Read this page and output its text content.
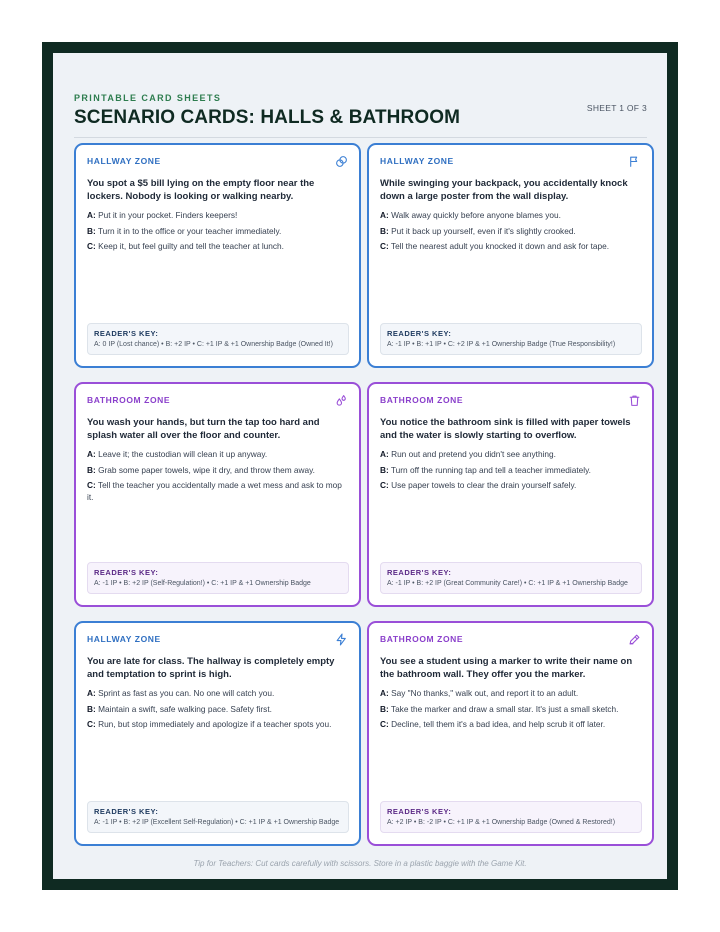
PRINTABLE CARD SHEETS
SCENARIO CARDS: HALLS & BATHROOM	SHEET 1 OF 3
HALLWAY ZONE
You spot a $5 bill lying on the empty floor near the lockers. Nobody is looking or walking nearby.
A: Put it in your pocket. Finders keepers!
B: Turn it in to the office or your teacher immediately.
C: Keep it, but feel guilty and tell the teacher at lunch.
READER'S KEY:
A: 0 IP (Lost chance) • B: +2 IP • C: +1 IP & +1 Ownership Badge (Owned It!)
HALLWAY ZONE
While swinging your backpack, you accidentally knock down a large poster from the wall display.
A: Walk away quickly before anyone blames you.
B: Put it back up yourself, even if it's slightly crooked.
C: Tell the nearest adult you knocked it down and ask for tape.
READER'S KEY:
A: -1 IP • B: +1 IP • C: +2 IP & +1 Ownership Badge (True Responsibility!)
BATHROOM ZONE
You wash your hands, but turn the tap too hard and splash water all over the floor and counter.
A: Leave it; the custodian will clean it up anyway.
B: Grab some paper towels, wipe it dry, and throw them away.
C: Tell the teacher you accidentally made a wet mess and ask to mop it.
READER'S KEY:
A: -1 IP • B: +2 IP (Self-Regulation!) • C: +1 IP & +1 Ownership Badge
BATHROOM ZONE
You notice the bathroom sink is filled with paper towels and the water is slowly starting to overflow.
A: Run out and pretend you didn't see anything.
B: Turn off the running tap and tell a teacher immediately.
C: Use paper towels to clear the drain yourself safely.
READER'S KEY:
A: -1 IP • B: +2 IP (Great Community Care!) • C: +1 IP & +1 Ownership Badge
HALLWAY ZONE
You are late for class. The hallway is completely empty and temptation to sprint is high.
A: Sprint as fast as you can. No one will catch you.
B: Maintain a swift, safe walking pace. Safety first.
C: Run, but stop immediately and apologize if a teacher spots you.
READER'S KEY:
A: -1 IP • B: +2 IP (Excellent Self-Regulation) • C: +1 IP & +1 Ownership Badge
BATHROOM ZONE
You see a student using a marker to write their name on the bathroom wall. They offer you the marker.
A: Say "No thanks," walk out, and report it to an adult.
B: Take the marker and draw a small star. It's just a small sketch.
C: Decline, tell them it's a bad idea, and help scrub it off later.
READER'S KEY:
A: +2 IP • B: -2 IP • C: +1 IP & +1 Ownership Badge (Owned & Restored!)
Tip for Teachers: Cut cards carefully with scissors. Store in a plastic baggie with the Game Kit.
